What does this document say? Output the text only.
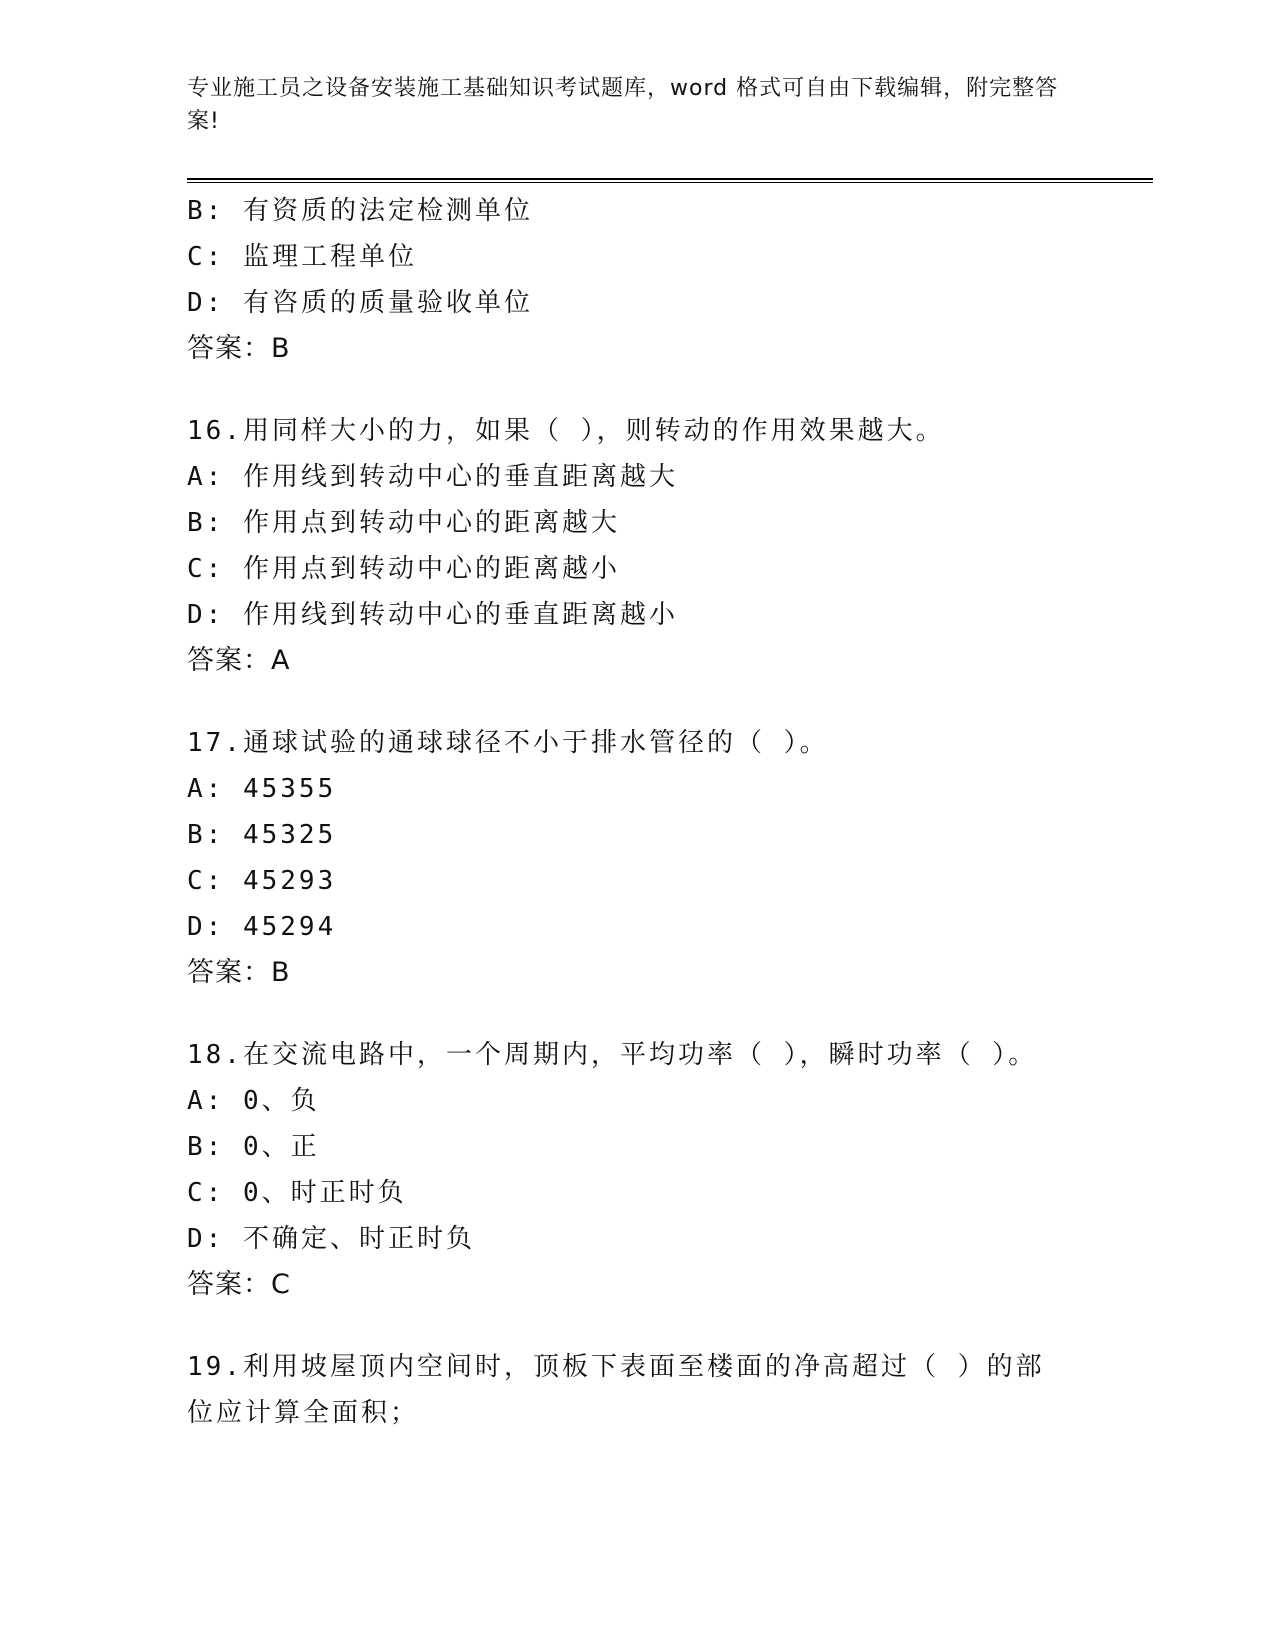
专业施工员之设备安装施工基础知识考试题库，word 格式可自由下载编辑，附完整答案!
B: 有资质的法定检测单位
C: 监理工程单位
D: 有咨质的质量验收单位
答案：B
16.用同样大小的力，如果（ ），则转动的作用效果越大。
A: 作用线到转动中心的垂直距离越大
B: 作用点到转动中心的距离越大
C: 作用点到转动中心的距离越小
D: 作用线到转动中心的垂直距离越小
答案：A
17.通球试验的通球球径不小于排水管径的（ ）。
A: 45355
B: 45325
C: 45293
D: 45294
答案：B
18.在交流电路中，一个周期内，平均功率（ ），瞬时功率（ ）。
A: 0、负
B: 0、正
C: 0、时正时负
D: 不确定、时正时负
答案：C
19.利用坡屋顶内空间时，顶板下表面至楼面的净高超过（ ）的部位应计算全面积；
